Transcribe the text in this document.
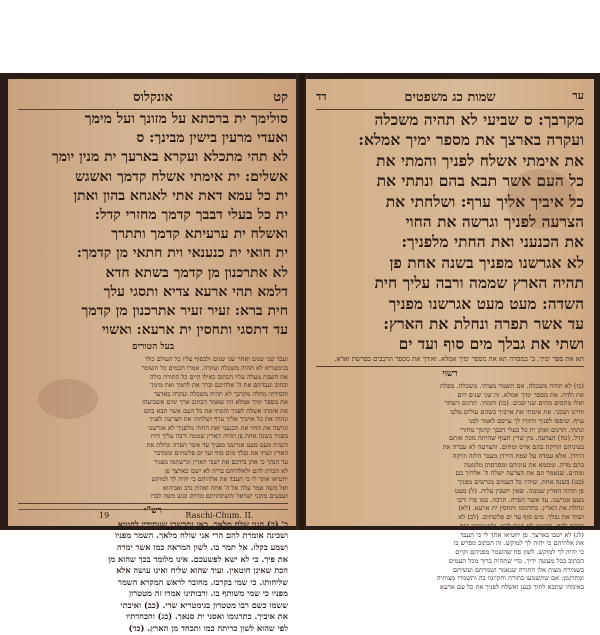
קט
אונקלוס
סולימך ית ברכתא על מזונך ועל מימך
ואעדי מרעין בישין מבינך: ס
לא תהי מתכלא ועקרא בארעך ית מנין יומך
אשלים: ית אימתי אשלח קדמך ואשגש
ית כל עמא דאת אתי לאגחא בהון ואתן
ית כל בעלי דבבך קדמך מחזרי קדל:
ואשלח ית ערעיתא קדמך ותתרך
ית חואי ית כנענאי וית חתאי מן קדמך:
לא אתרכנון מן קדמך בשתא חדא
דלמא תהי ארעא צדיא ותסגי עלך
חית ברא: זעיר זעיר אתרכנון מן קדמך
עד דתסגי ותחסין ית ארעא: ואשוי
בעל הטורים
ועבד שני שנים ואחר שני שנים ולבסוף עליו כל העולם כולו
בגימטריא לא תהיה משכלה ועקרה. אמרו חכמים כל השומר
את השבת מעלה עליו הכתוב כאילו קיים כל התורה כולה
ובתיב ועבדתם את ה' אלהיכם וברך את לחמך ואת מימך
והסירתי מחלה מקרבך לא תהיה משכלה ועקרה בארצך
את מספר ימיך אמלא זהו שאמר הכתוב ארך ימים אשביעהו
את אימתי אשלח לפניך והמתי את כל העם אשר תבא בהם
ונתתי את כל אויביך אליך ערף ושלחתי את הצרעה לפניך
וגרשה את החוי את הכנעני ואת החתי מלפניך לא אגרשנו
מפניך בשנה אחת פן תהיה הארץ שממה ורבה עליך חית
השדה מעט מעט אגרשנו מפניך עד אשר תפרה ונחלת את
הארץ ושתי את גבלך מים סוף ועד ים פלשתים וממדבר
עד הנהר כי אתן בידכם את ישבי הארץ וגרשתמו מפניך
לא תכרת להם ולאלהיהם ברית לא ישבו בארצך פן
יחטיאו אתך לי כי תעבד את אלהיהם כי יהיה לך למוקש
ואל משה אמר עלה אל ה' אתה ואהרן נדב ואביהוא
ושבעים מזקני ישראל והשתחויתם מרחק ונגש משה לבדו
רש"י
כ' (כ) הנני שלח מלאך. כאן נתבשרו שעתידין לחטוא
ושכינה אומרת להם הרי אני שולח מלאך. השמר מפניו
ושמע בקלו. אל תמר בו. לשון המראה כמו אשר ימרה
את פיך. כי לא ישא לפשעכם. אינו מלומד בכך שהוא מן
הכת שאינן חוטאין. ועוד שהוא שליח ואינו עושה אלא
שליחותו. כי שמי בקרבו. מחובר לראש המקרא השמר
מפניו כי שמי משותף בו. ורבותינו אמרו זה מטטרון
ששמו כשם רבו מטטרון בגימטריא שדי. (כב) ואיבתי
את איביך. כתרגומו ואסני ית סנאך. (כג) והכחדתיו
לפי שהוא לשון כריתה כמו ותכחד מן הארץ. (כד)
19	Raschi-Chum. II.
ער
שמות כג משפטים
דד
מקרבך: ס שביעי לא תהיה משכלה
ועקרה בארצך את מספר ימיך אמלא:
את אימתי אשלח לפניך והמתי את
כל העם אשר תבא בהם ונתתי את
כל איביך אליך ערף: ושלחתי את
הצרעה לפניך וגרשה את החוי
את הכנעני ואת החתי מלפניך:
לא אגרשנו מפניך בשנה אחת פן
תהיה הארץ שממה ורבה עליך חית
השדה: מעט מעט אגרשנו מפניך
עד אשר תפרה ונחלת את הארץ:
ושתי את גבלך מים סוף ועד ים
תא את ספר ימיך. ב' במסרה תא את מספר ימיך אמלא. ואידך את מספר הרכבים בפרשת וארא.
רשוי
(כו) לא תהיה משכלה. אם תשמר מצותי. משכלה. מפלת
את ולדה. את מספר ימיך אמלא. זה שני שנים ויום
ואלו מתפים מתים שני שנים. (כז) והמתי. תרגום וישחר
וחיינו ושכני. את אימתי את אויביך כשהם עולים מלבו
ערף. שיפסו לפניך ויחזרו לך ערפם לאמר לפני
ונתתי. תרגום ואתן ית כל בעלי דבבך קדמך מחזרי
קדל. (כח) הצרעה. מין שרץ העוף שהיתה מכה אותם
בעיניהם וזורקת בהם ארס ומתים. והצרעה לא עברה את
הירדן. אלא עמדה על שפת הירדן מעבר הלזה וזרקה
בהם מרה. ומסמא את עיניהם ומסרסתן מלמטה
ומתים. שנאמר וגם את הצרעה ישלח ה' אלהיך בם
(כט) בשנה אחת. שיהיו כל העמים מגרשים מפניך
פן תהיה הארץ שממה. שאין יושבין עליה. (ל) מעט
מעט אגרשנו. עד אשר תפרה. תרבה. כמו פרו ורבו
ונחלת את הארץ. כתרגומו ותחסין ית ארעא. (לא)
ושתי את גבלך. מים סוף עד ים פלשתים. (לב) לא
תכרת להם. תרגומו לא תגזר להון. ולטעותהון קים
(לג) לא ישבו בארצך. פן יחטיאו אתך לי כי תעבד
את אלהיהם כי יהיה לך למוקש. זה הכתוב מפרש בו
כי יהיה לך למוקש. לשון פח שהשמר מפניהם וקיים
הכתוב בכל מעשה ידיך. כדי שתהיה ברוך מכל העמים
בשמירת מצות אלו התורה שנאמר ושמרתם ועשיתם
ומתרגמן: אם שתשמעו בתורה ותקיימו בה ותשמרו מצותיה
באימתי שתבא לתוך כנען ואשלח לפניך את כל עם ארעא
